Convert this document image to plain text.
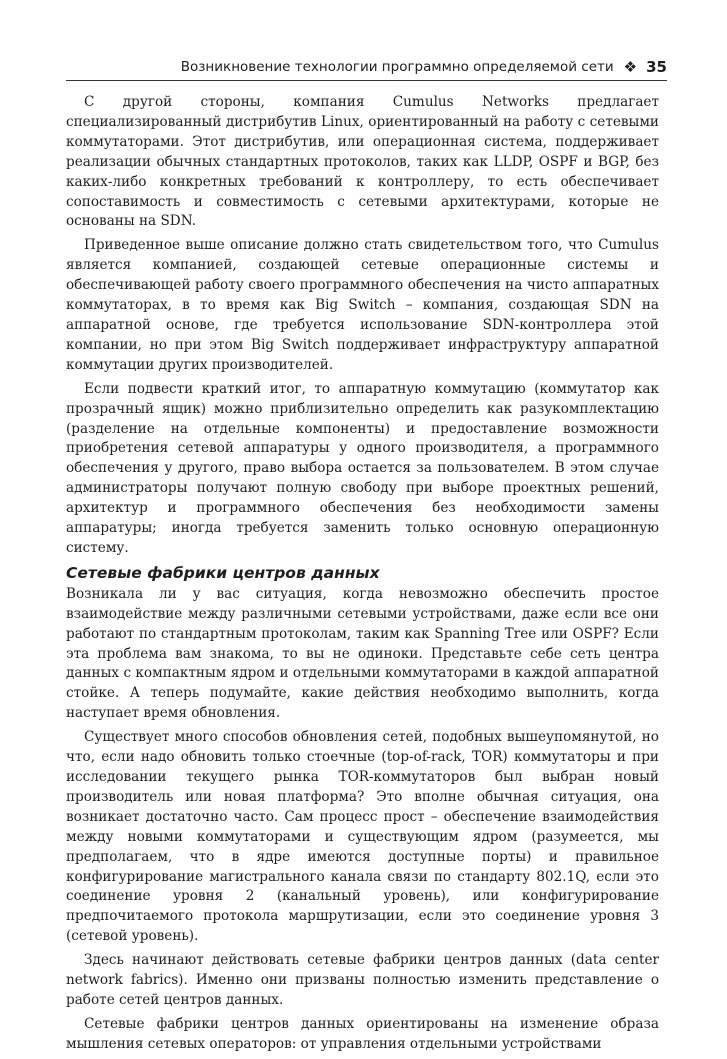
Возникновение технологии программно определяемой сети ❖ 35

С другой стороны, компания Cumulus Networks предлагает специализированный дистрибутив Linux, ориентированный на работу с сетевыми коммутаторами. Этот дистрибутив, или операционная система, поддерживает реализации обычных стандартных протоколов, таких как LLDP, OSPF и BGP, без каких-либо конкретных требований к контроллеру, то есть обеспечивает сопоставимость и совместимость с сетевыми архитектурами, которые не основаны на SDN.

Приведенное выше описание должно стать свидетельством того, что Cumulus является компанией, создающей сетевые операционные системы и обеспечивающей работу своего программного обеспечения на чисто аппаратных коммутаторах, в то время как Big Switch – компания, создающая SDN на аппаратной основе, где требуется использование SDN-контроллера этой компании, но при этом Big Switch поддерживает инфраструктуру аппаратной коммутации других производителей.

Если подвести краткий итог, то аппаратную коммутацию (коммутатор как прозрачный ящик) можно приблизительно определить как разукомплектацию (разделение на отдельные компоненты) и предоставление возможности приобретения сетевой аппаратуры у одного производителя, а программного обеспечения у другого, право выбора остается за пользователем. В этом случае администраторы получают полную свободу при выборе проектных решений, архитектур и программного обеспечения без необходимости замены аппаратуры; иногда требуется заменить только основную операционную систему.

Сетевые фабрики центров данных

Возникала ли у вас ситуация, когда невозможно обеспечить простое взаимодействие между различными сетевыми устройствами, даже если все они работают по стандартным протоколам, таким как Spanning Tree или OSPF? Если эта проблема вам знакома, то вы не одиноки. Представьте себе сеть центра данных с компактным ядром и отдельными коммутаторами в каждой аппаратной стойке. А теперь подумайте, какие действия необходимо выполнить, когда наступает время обновления.

Существует много способов обновления сетей, подобных вышеупомянутой, но что, если надо обновить только стоечные (top-of-rack, TOR) коммутаторы и при исследовании текущего рынка TOR-коммутаторов был выбран новый производитель или новая платформа? Это вполне обычная ситуация, она возникает достаточно часто. Сам процесс прост – обеспечение взаимодействия между новыми коммутаторами и существующим ядром (разумеется, мы предполагаем, что в ядре имеются доступные порты) и правильное конфигурирование магистрального канала связи по стандарту 802.1Q, если это соединение уровня 2 (канальный уровень), или конфигурирование предпочитаемого протокола маршрутизации, если это соединение уровня 3 (сетевой уровень).

Здесь начинают действовать сетевые фабрики центров данных (data center network fabrics). Именно они призваны полностью изменить представление о работе сетей центров данных.

Сетевые фабрики центров данных ориентированы на изменение образа мышления сетевых операторов: от управления отдельными устройствами
